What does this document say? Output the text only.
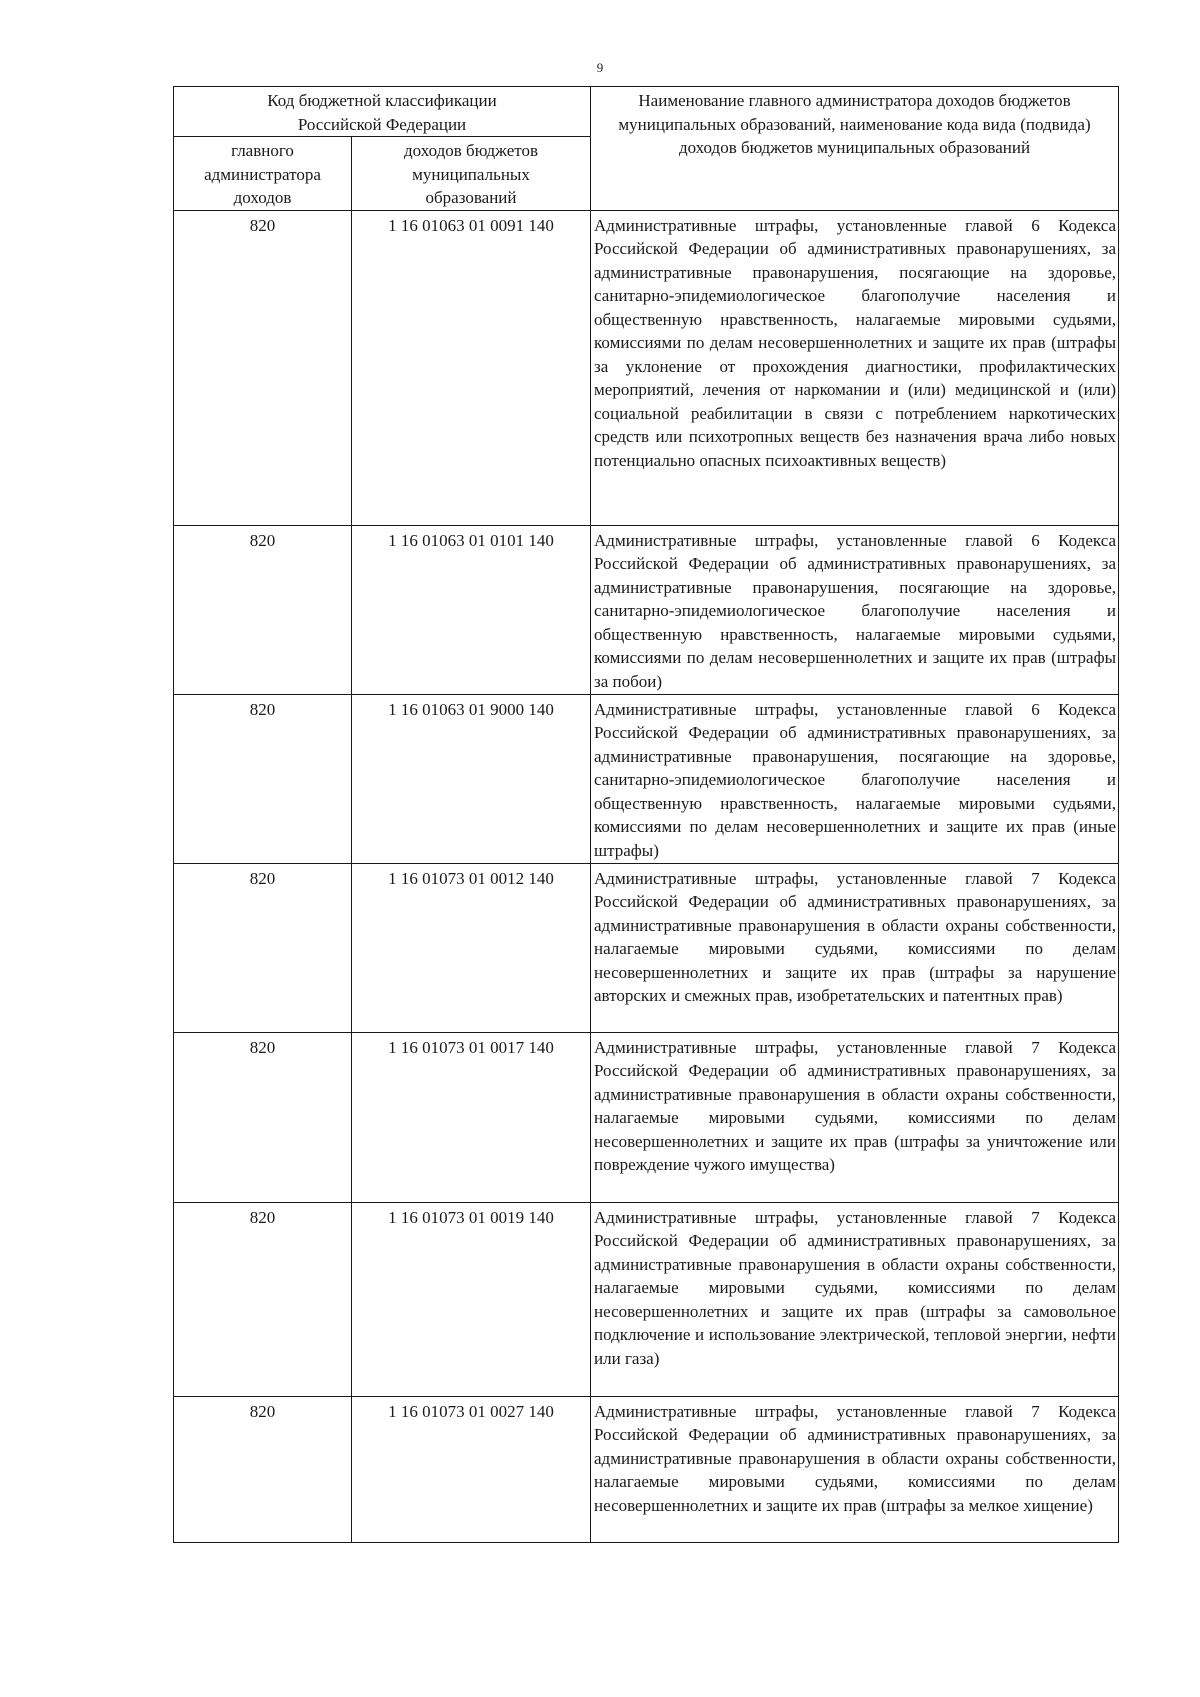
9
Код бюджетной классификации Российской Федерации		Наименование главного администратора доходов бюджетов муниципальных образований, наименование кода вида (подвида) доходов бюджетов муниципальных образований
главного администратора доходов	доходов бюджетов муниципальных образований	
820	1 16 01063 01 0091 140	Административные штрафы, установленные главой 6 Кодекса Российской Федерации об административных правонарушениях, за административные правонарушения, посягающие на здоровье, санитарно-эпидемиологическое благополучие населения и общественную нравственность, налагаемые мировыми судьями, комиссиями по делам несовершеннолетних и защите их прав (штрафы за уклонение от прохождения диагностики, профилактических мероприятий, лечения от наркомании и (или) медицинской и (или) социальной реабилитации в связи с потреблением наркотических средств или психотропных веществ без назначения врача либо новых потенциально опасных психоактивных веществ)
820	1 16 01063 01 0101 140	Административные штрафы, установленные главой 6 Кодекса Российской Федерации об административных правонарушениях, за административные правонарушения, посягающие на здоровье, санитарно-эпидемиологическое благополучие населения и общественную нравственность, налагаемые мировыми судьями, комиссиями по делам несовершеннолетних и защите их прав (штрафы за побои)
820	1 16 01063 01 9000 140	Административные штрафы, установленные главой 6 Кодекса Российской Федерации об административных правонарушениях, за административные правонарушения, посягающие на здоровье, санитарно-эпидемиологическое благополучие населения и общественную нравственность, налагаемые мировыми судьями, комиссиями по делам несовершеннолетних и защите их прав (иные штрафы)
820	1 16 01073 01 0012 140	Административные штрафы, установленные главой 7 Кодекса Российской Федерации об административных правонарушениях, за административные правонарушения в области охраны собственности, налагаемые мировыми судьями, комиссиями по делам несовершеннолетних и защите их прав (штрафы за нарушение авторских и смежных прав, изобретательских и патентных прав)
820	1 16 01073 01 0017 140	Административные штрафы, установленные главой 7 Кодекса Российской Федерации об административных правонарушениях, за административные правонарушения в области охраны собственности, налагаемые мировыми судьями, комиссиями по делам несовершеннолетних и защите их прав (штрафы за уничтожение или повреждение чужого имущества)
820	1 16 01073 01 0019 140	Административные штрафы, установленные главой 7 Кодекса Российской Федерации об административных правонарушениях, за административные правонарушения в области охраны собственности, налагаемые мировыми судьями, комиссиями по делам несовершеннолетних и защите их прав (штрафы за самовольное подключение и использование электрической, тепловой энергии, нефти или газа)
820	1 16 01073 01 0027 140	Административные штрафы, установленные главой 7 Кодекса Российской Федерации об административных правонарушениях, за административные правонарушения в области охраны собственности, налагаемые мировыми судьями, комиссиями по делам несовершеннолетних и защите их прав (штрафы за мелкое хищение)
